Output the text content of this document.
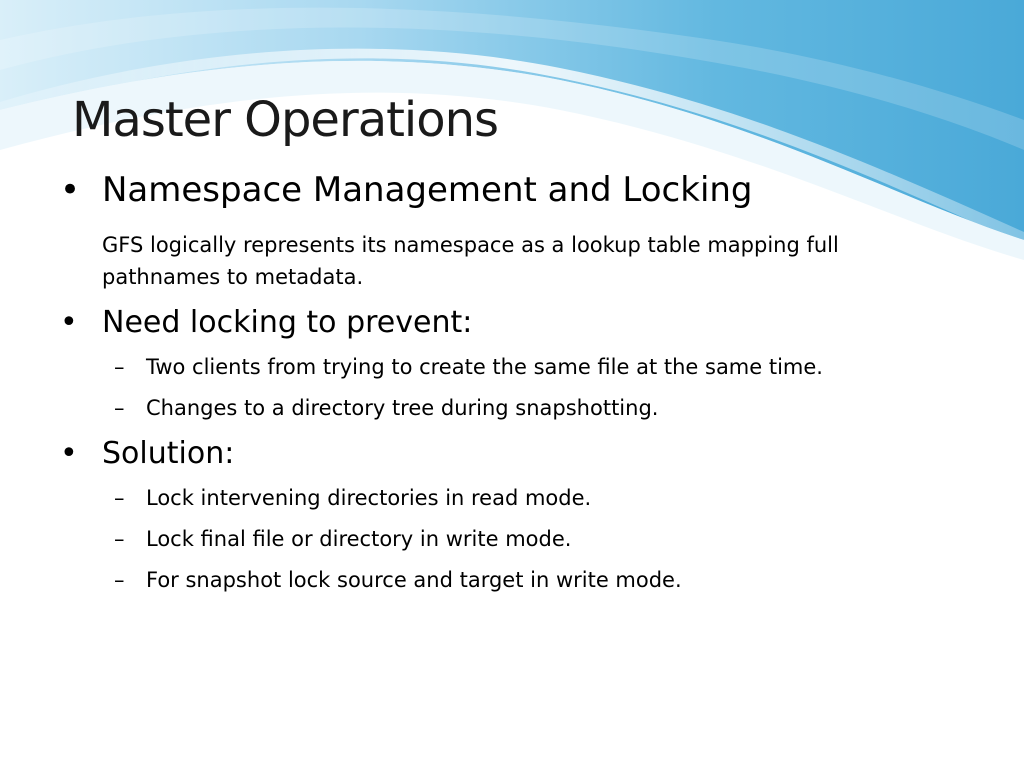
Master Operations
• Namespace Management and Locking
GFS logically represents its namespace as a lookup table mapping full pathnames to metadata.
• Need locking to prevent:
– Two clients from trying to create the same file at the same time.
– Changes to a directory tree during snapshotting.
• Solution:
– Lock intervening directories in read mode.
– Lock final file or directory in write mode.
– For snapshot lock source and target in write mode.
